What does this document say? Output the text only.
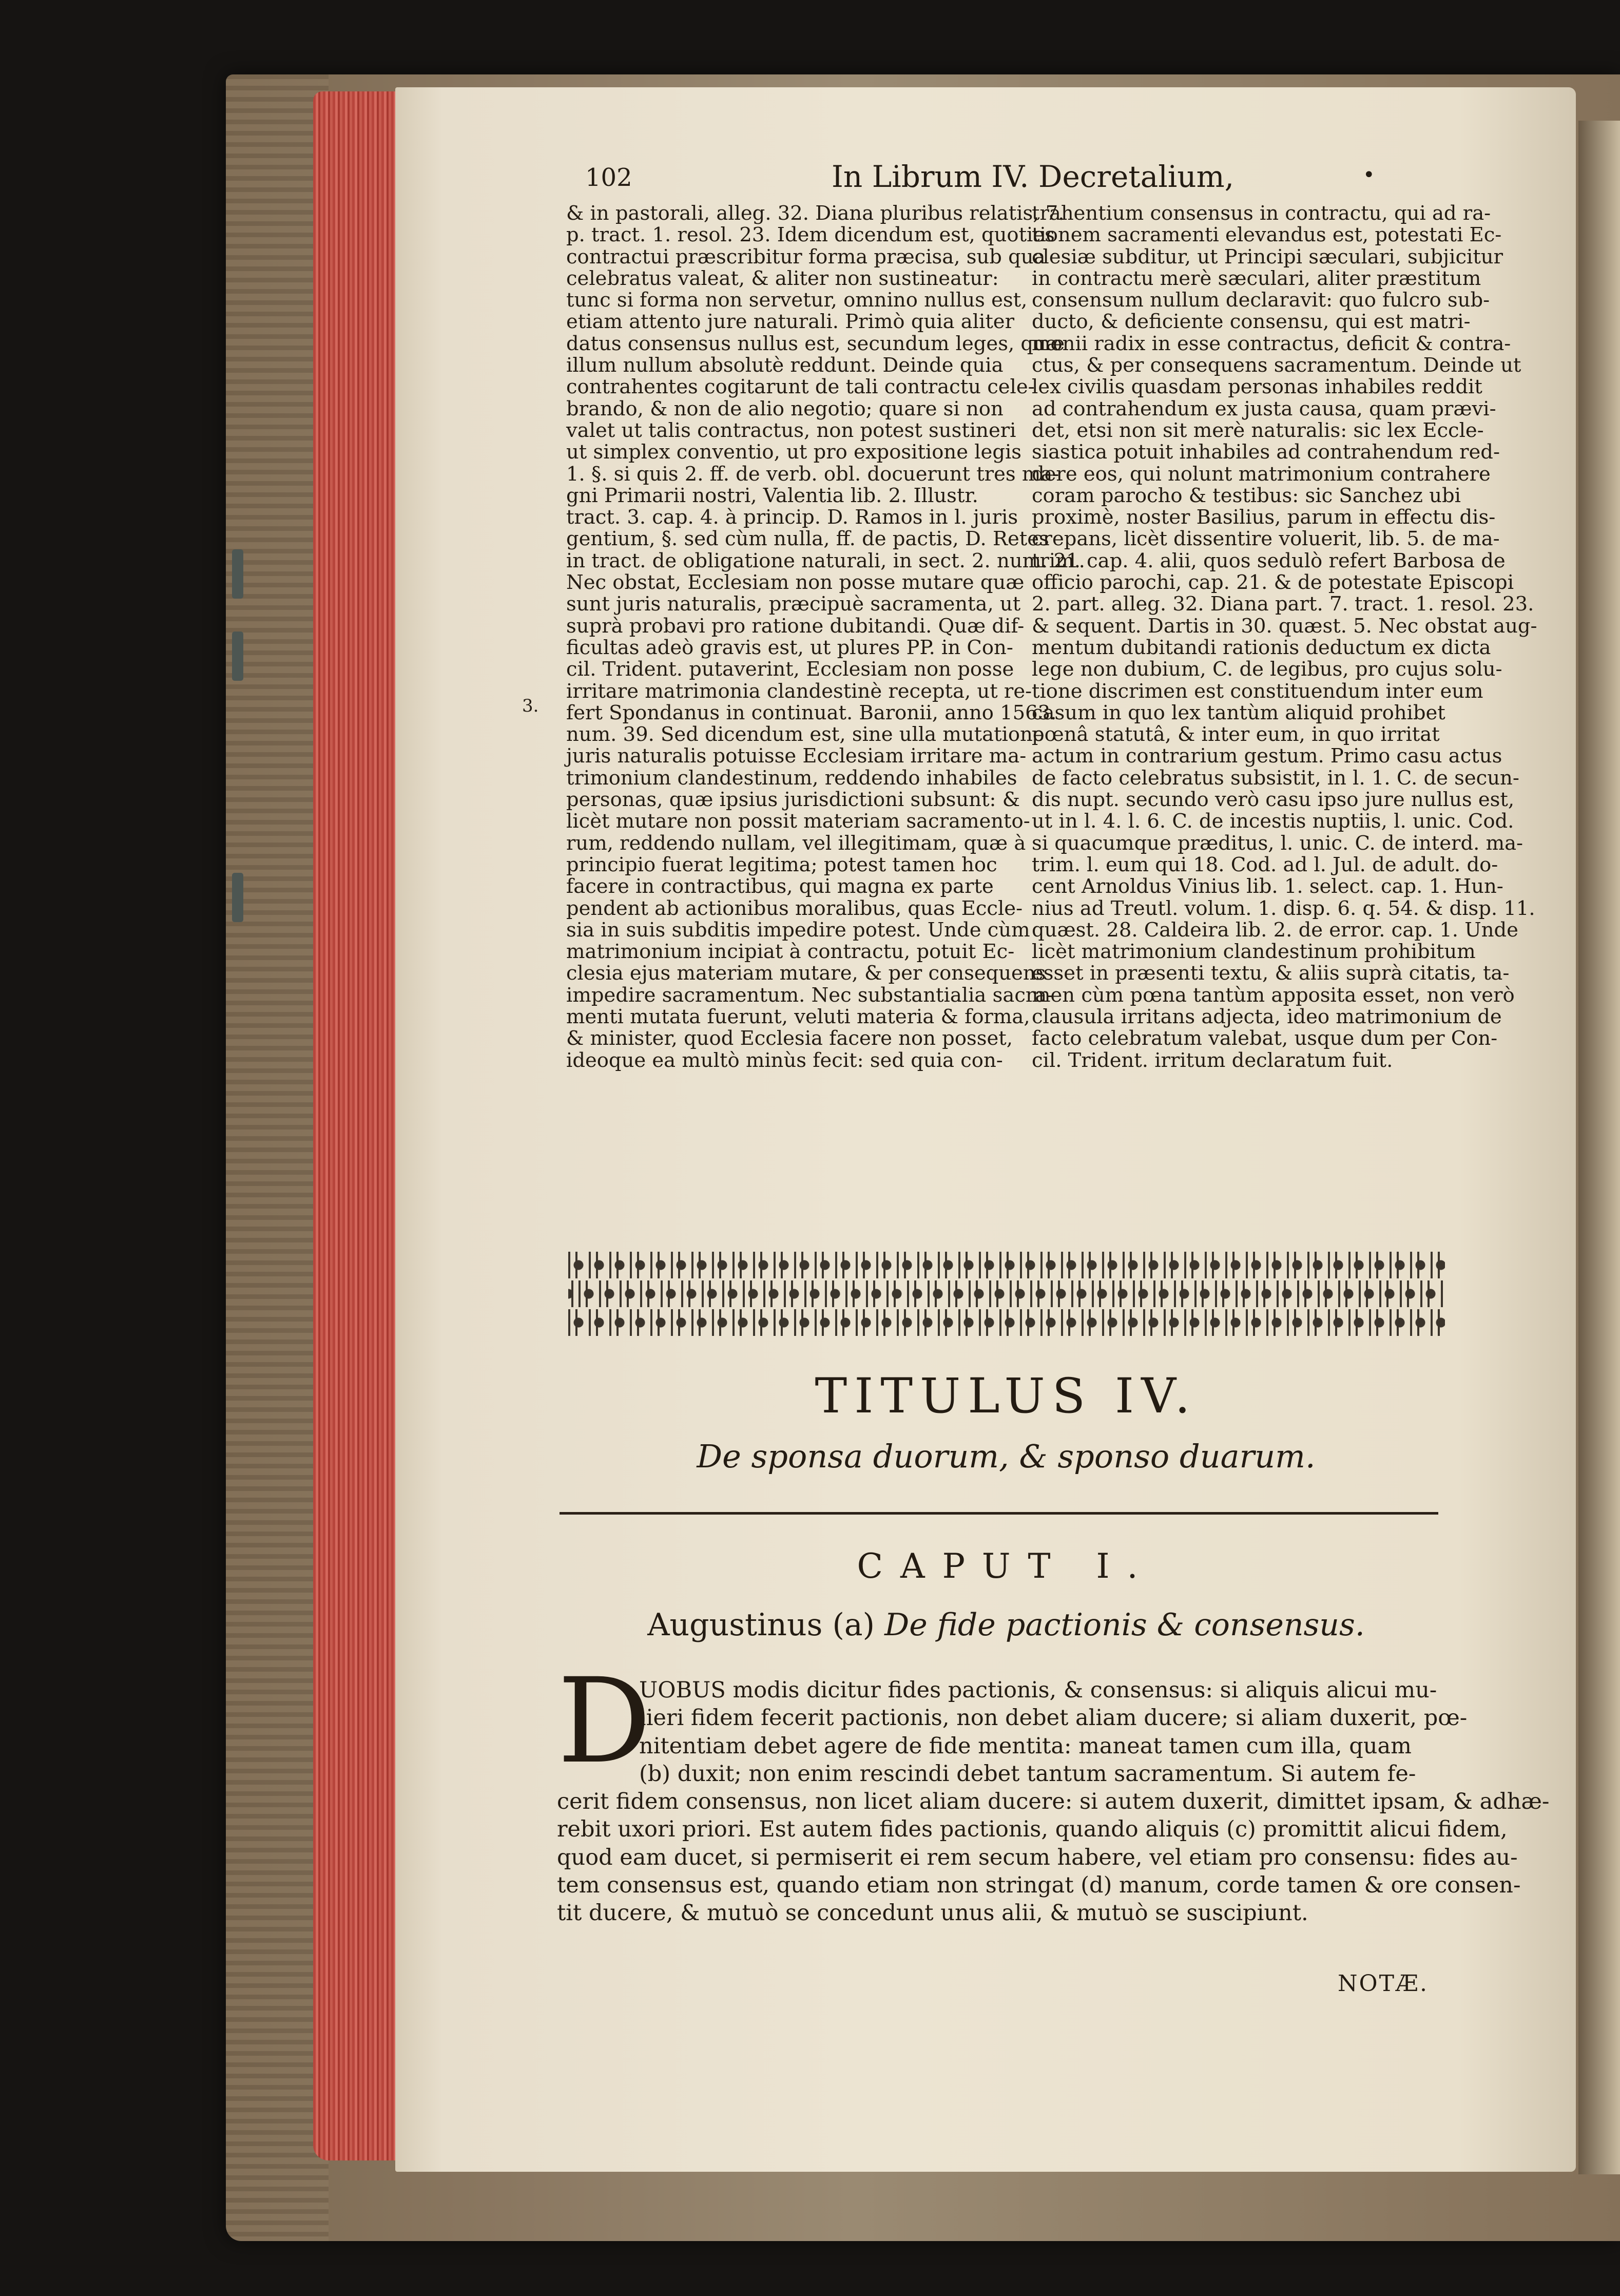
102	In Librum IV. Decretalium,	•
& in pastorali, alleg. 32. Diana pluribus relatis, 7.
p. tract. 1. resol. 23. Idem dicendum est, quoties
contractui præscribitur forma præcisa, sub qua
celebratus valeat, & aliter non sustineatur:
tunc si forma non servetur, omnino nullus est,
etiam attento jure naturali. Primò quia aliter
datus consensus nullus est, secundum leges, quæ
illum nullum absolutè reddunt. Deinde quia
contrahentes cogitarunt de tali contractu cele-
brando, & non de alio negotio; quare si non
valet ut talis contractus, non potest sustineri
ut simplex conventio, ut pro expositione legis
1. §. si quis 2. ff. de verb. obl. docuerunt tres ma-
gni Primarii nostri, Valentia lib. 2. Illustr.
tract. 3. cap. 4. à princip. D. Ramos in l. juris
gentium, §. sed cùm nulla, ff. de pactis, D. Retes
in tract. de obligatione naturali, in sect. 2. num. 21.
Nec obstat, Ecclesiam non posse mutare quæ
sunt juris naturalis, præcipuè sacramenta, ut
suprà probavi pro ratione dubitandi. Quæ dif-
ficultas adeò gravis est, ut plures PP. in Con-
cil. Trident. putaverint, Ecclesiam non posse
irritare matrimonia clandestinè recepta, ut re-
fert Spondanus in continuat. Baronii, anno 1563.
num. 39. Sed dicendum est, sine ulla mutatione
juris naturalis potuisse Ecclesiam irritare ma-
trimonium clandestinum, reddendo inhabiles
personas, quæ ipsius jurisdictioni subsunt: &
licèt mutare non possit materiam sacramento-
rum, reddendo nullam, vel illegitimam, quæ à
principio fuerat legitima; potest tamen hoc
facere in contractibus, qui magna ex parte
pendent ab actionibus moralibus, quas Eccle-
sia in suis subditis impedire potest. Unde cùm
matrimonium incipiat à contractu, potuit Ec-
clesia ejus materiam mutare, & per consequens
impedire sacramentum. Nec substantialia sacra-
menti mutata fuerunt, veluti materia & forma,
& minister, quod Ecclesia facere non posset,
ideoque ea multò minùs fecit: sed quia con-
trahentium consensus in contractu, qui ad ra-
tionem sacramenti elevandus est, potestati Ec-
clesiæ subditur, ut Principi sæculari, subjicitur
in contractu merè sæculari, aliter præstitum
consensum nullum declaravit: quo fulcro sub-
ducto, & deficiente consensu, qui est matri-
monii radix in esse contractus, deficit & contra-
ctus, & per consequens sacramentum. Deinde ut
lex civilis quasdam personas inhabiles reddit
ad contrahendum ex justa causa, quam prævi-
det, etsi non sit merè naturalis: sic lex Eccle-
siastica potuit inhabiles ad contrahendum red-
dere eos, qui nolunt matrimonium contrahere
coram parocho & testibus: sic Sanchez ubi
proximè, noster Basilius, parum in effectu dis-
crepans, licèt dissentire voluerit, lib. 5. de ma-
trim. cap. 4. alii, quos sedulò refert Barbosa de
officio parochi, cap. 21. & de potestate Episcopi
2. part. alleg. 32. Diana part. 7. tract. 1. resol. 23.
& sequent. Dartis in 30. quæst. 5. Nec obstat aug-
mentum dubitandi rationis deductum ex dicta
lege non dubium, C. de legibus, pro cujus solu-
tione discrimen est constituendum inter eum
casum in quo lex tantùm aliquid prohibet
pœnâ statutâ, & inter eum, in quo irritat
actum in contrarium gestum. Primo casu actus
de facto celebratus subsistit, in l. 1. C. de secun-
dis nupt. secundo verò casu ipso jure nullus est,
ut in l. 4. l. 6. C. de incestis nuptiis, l. unic. Cod.
si quacumque præditus, l. unic. C. de interd. ma-
trim. l. eum qui 18. Cod. ad l. Jul. de adult. do-
cent Arnoldus Vinius lib. 1. select. cap. 1. Hun-
nius ad Treutl. volum. 1. disp. 6. q. 54. & disp. 11.
quæst. 28. Caldeira lib. 2. de error. cap. 1. Unde
licèt matrimonium clandestinum prohibitum
esset in præsenti textu, & aliis suprà citatis, ta-
men cùm pœna tantùm apposita esset, non verò
clausula irritans adjecta, ideo matrimonium de
facto celebratum valebat, usque dum per Con-
cil. Trident. irritum declaratum fuit.
3.
TITULUS IV.
De sponsa duorum, & sponso duarum.
CAPUT I.
Augustinus (a) De fide pactionis & consensus.
D
UOBUS modis dicitur fides pactionis, & consensus: si aliquis alicui mu-
lieri fidem fecerit pactionis, non debet aliam ducere; si aliam duxerit, pœ-
nitentiam debet agere de fide mentita: maneat tamen cum illa, quam
(b) duxit; non enim rescindi debet tantum sacramentum. Si autem fe-
cerit fidem consensus, non licet aliam ducere: si autem duxerit, dimittet ipsam, & adhæ-
rebit uxori priori. Est autem fides pactionis, quando aliquis (c) promittit alicui fidem,
quod eam ducet, si permiserit ei rem secum habere, vel etiam pro consensu: fides au-
tem consensus est, quando etiam non stringat (d) manum, corde tamen & ore consen-
tit ducere, & mutuò se concedunt unus alii, & mutuò se suscipiunt.
NOTÆ.
